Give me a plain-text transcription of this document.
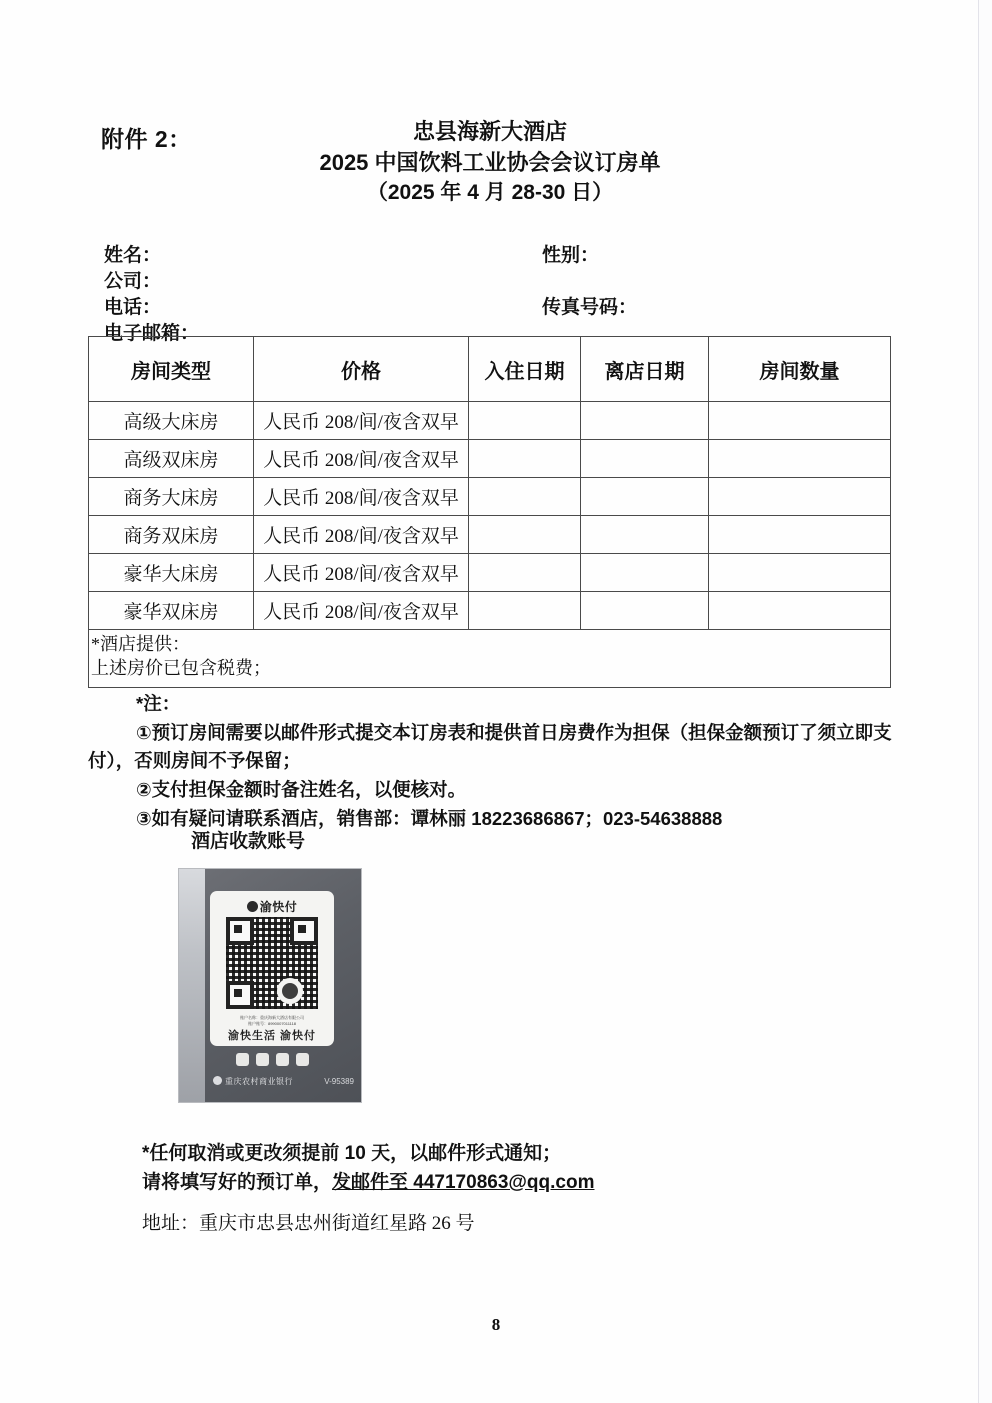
附件 2：	忠县海新大酒店
2025 中国饮料工业协会会议订房单
（2025 年 4 月 28-30 日）
姓名：	性别：
公司：
电话：	传真号码：
电子邮箱：
房间类型	价格	入住日期	离店日期	房间数量
高级大床房	人民币 208/间/夜含双早			
高级双床房	人民币 208/间/夜含双早			
商务大床房	人民币 208/间/夜含双早			
商务双床房	人民币 208/间/夜含双早			
豪华大床房	人民币 208/间/夜含双早			
豪华双床房	人民币 208/间/夜含双早			

*酒店提供：
上述房价已包含税费；				
*注：
①预订房间需要以邮件形式提交本订房表和提供首日房费作为担保（担保金额预订了须立即支
付），否则房间不予保留；
②支付担保金额时备注姓名，以便核对。
③如有疑问请联系酒店，销售部：谭林丽 18223686867；023-54638888
酒店收款账号
渝快付
账户名称：重庆海新大酒店有限公司
账户账号：8990007011118
渝快生活 渝快付
重庆农村商业银行	V-95389
*任何取消或更改须提前 10 天，以邮件形式通知；
请将填写好的预订单，发邮件至 447170863@qq.com
地址：重庆市忠县忠州街道红星路 26 号
8
